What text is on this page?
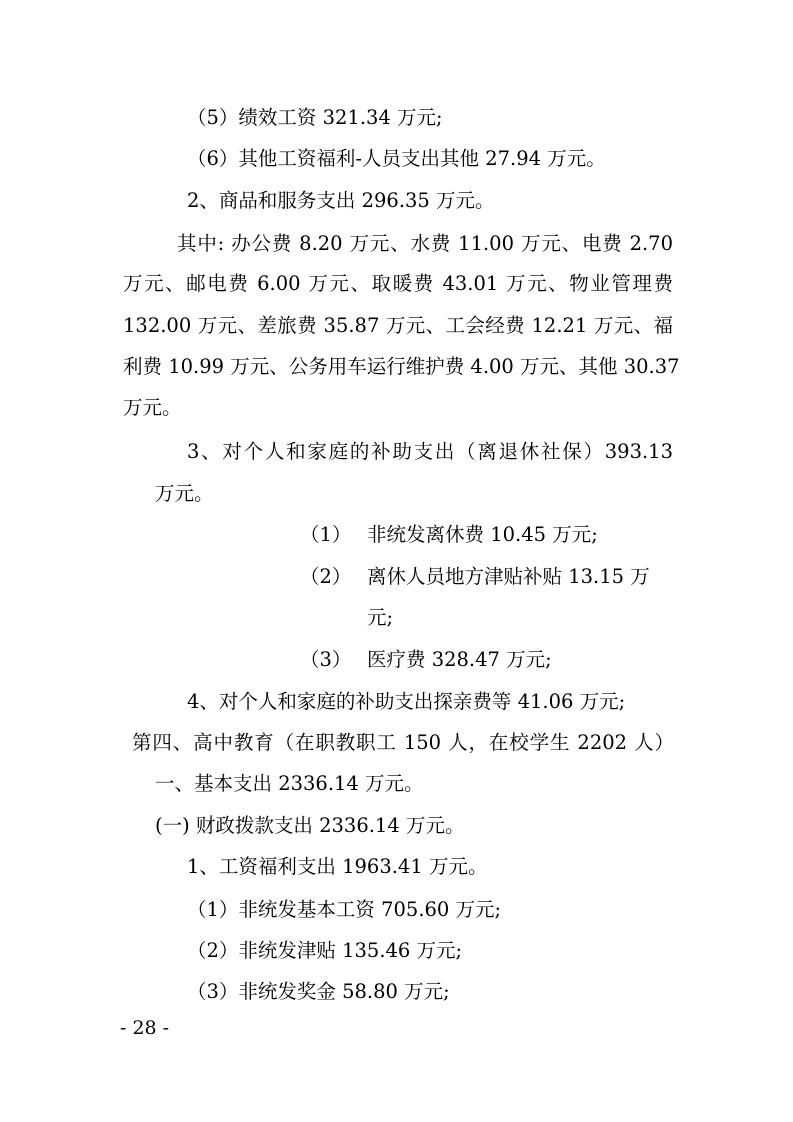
（5）绩效工资 321.34 万元;
（6）其他工资福利-人员支出其他 27.94 万元。
2、商品和服务支出 296.35 万元。
其中: 办公费 8.20 万元、水费 11.00 万元、电费 2.70
万元、邮电费 6.00 万元、取暖费 43.01 万元、物业管理费
132.00 万元、差旅费 35.87 万元、工会经费 12.21 万元、福
利费 10.99 万元、公务用车运行维护费 4.00 万元、其他 30.37
万元。
3、对个人和家庭的补助支出（离退休社保）393.13
万元。
（1） 非统发离休费 10.45 万元;
（2） 离休人员地方津贴补贴 13.15 万
元;
（3） 医疗费 328.47 万元;
4、对个人和家庭的补助支出探亲费等 41.06 万元;
第四、高中教育（在职教职工 150 人，在校学生 2202 人）
一、基本支出 2336.14 万元。
(一) 财政拨款支出 2336.14 万元。
1、工资福利支出 1963.41 万元。
（1）非统发基本工资 705.60 万元;
（2）非统发津贴 135.46 万元;
（3）非统发奖金 58.80 万元;
- 28 -
